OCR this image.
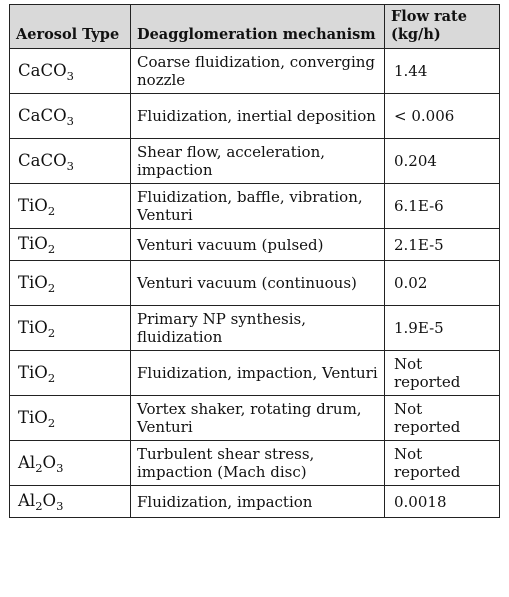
Aerosol Type	Deagglomeration mechanism	Flow rate (kg/h)
CaCO$_3$	Coarse fluidization, converging nozzle	1.44
CaCO$_3$	Fluidization, inertial deposition	< 0.006
CaCO$_3$	Shear flow, acceleration, impaction	0.204
TiO$_2$	Fluidization, baffle, vibration, Venturi	6.1E-6
TiO$_2$	Venturi vacuum (pulsed)	2.1E-5
TiO$_2$	Venturi vacuum (continuous)	0.02
TiO$_2$	Primary NP synthesis, fluidization	1.9E-5
TiO$_2$	Fluidization, impaction, Venturi	Not reported
TiO$_2$	Vortex shaker, rotating drum, Venturi	Not reported
$Al_2O_3$	Turbulent shear stress, impaction (Mach disc)	Not reported
$Al_2O_3$	Fluidization, impaction	0.0018
